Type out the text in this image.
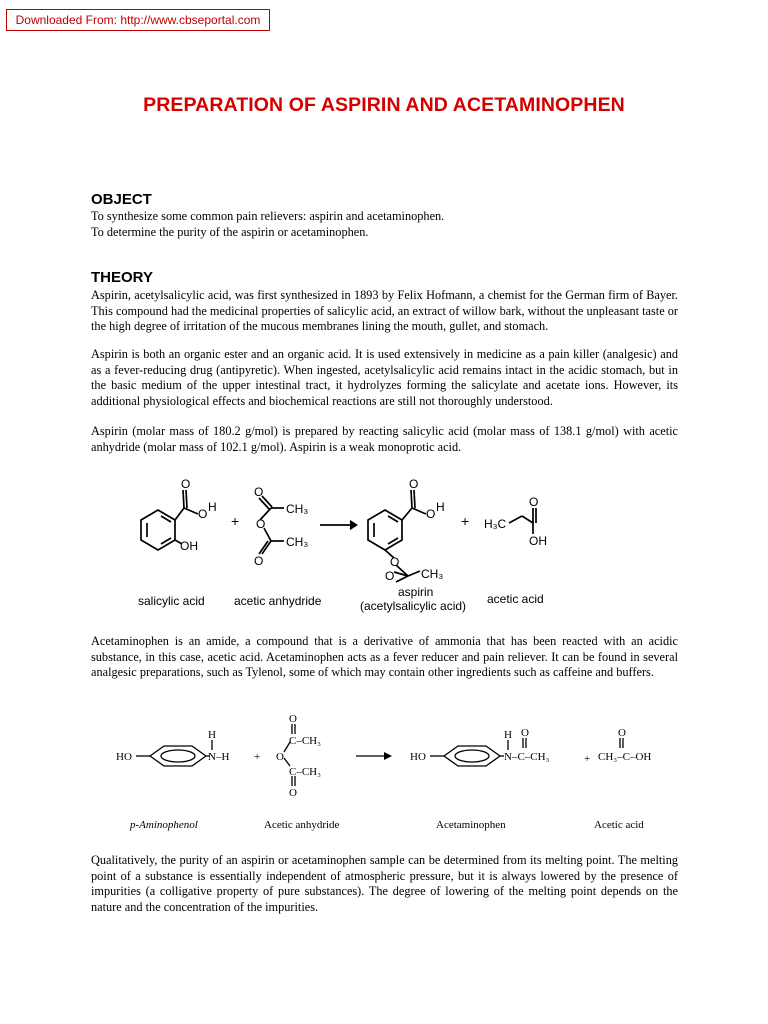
Downloaded From: http://www.cbseportal.com
PREPARATION OF ASPIRIN AND ACETAMINOPHEN
OBJECT
To synthesize some common pain relievers: aspirin and acetaminophen.
To determine the purity of the aspirin or acetaminophen.
THEORY

Aspirin, acetylsalicylic acid, was first synthesized in 1893 by Felix Hofmann, a chemist for the German firm of Bayer. This compound had the medicinal properties of salicylic acid, an extract of willow bark, without the unpleasant taste or the high degree of irritation of the mucous membranes lining the mouth, gullet, and stomach.

Aspirin is both an organic ester and an organic acid. It is used extensively in medicine as a pain killer (analgesic) and as a fever-reducing drug (antipyretic). When ingested, acetylsalicylic acid remains intact in the acidic stomach, but in the basic medium of the upper intestinal tract, it hydrolyzes forming the salicylate and acetate ions. However, its additional physiological effects and biochemical reactions are still not thoroughly understood.

Aspirin (molar mass of 180.2 g/mol) is prepared by reacting salicylic acid (molar mass of 138.1 g/mol) with acetic anhydride (molar mass of 102.1 g/mol). Aspirin is a weak monoprotic acid.

O
O H
OH
+
O
CH₃
O
CH₃
O
O
O H
O
O CH₃
+ H₃C
O
OH
salicylic acid acetic anhydride
aspirin
(acetylsalicylic acid) acetic acid

Acetaminophen is an amide, a compound that is a derivative of ammonia that has been reacted with an acidic substance, in this case, acetic acid. Acetaminophen acts as a fever reducer and pain reliever. It can be found in several analgesic preparations, such as Tylenol, some of which may contain other ingredients such as caffeine and buffers.

HO
H
N–H +
O
C–CH₃
O
C–CH₃
O
HO
H O
N–C–CH₃	+
O
CH₃–C–OH
p-Aminophenol	Acetic anhydride	Acetaminophen	Acetic acid

Qualitatively, the purity of an aspirin or acetaminophen sample can be determined from its melting point. The melting point of a substance is essentially independent of atmospheric pressure, but it is always lowered by the presence of impurities (a colligative property of pure substances). The degree of lowering of the melting point depends on the nature and the concentration of the impurities.
